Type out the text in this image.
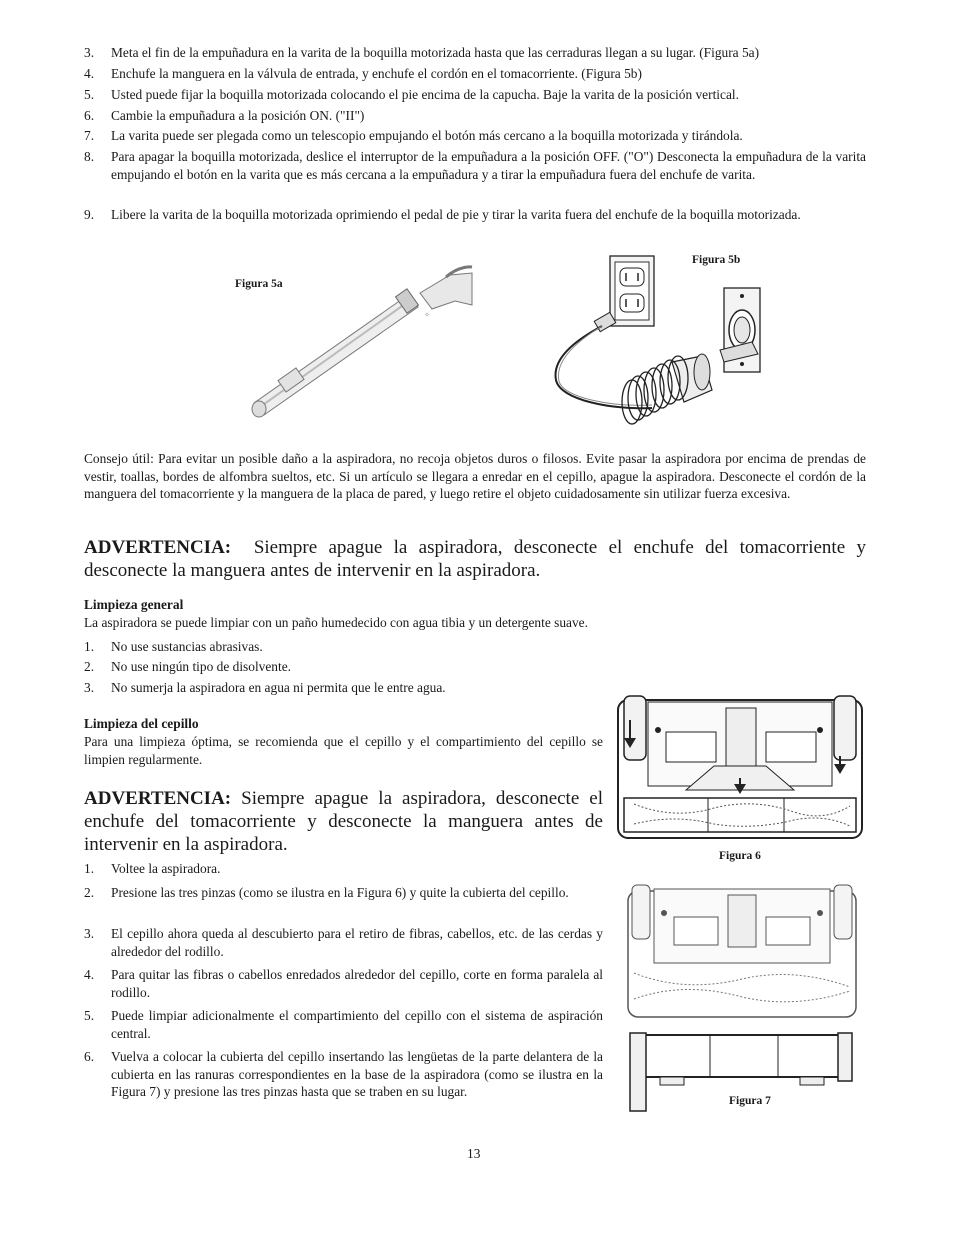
3.	Meta el fin de la empuñadura en la varita de la boquilla motorizada hasta que las cerraduras llegan a su lugar. (Figura 5a)
4.	Enchufe la manguera en la válvula de entrada, y enchufe el cordón en el tomacorriente. (Figura 5b)
5.	Usted puede fijar la boquilla motorizada colocando el pie encima de la capucha. Baje la varita de la posición vertical.
6.	Cambie la empuñadura a la posición ON. ("II")
7.	La varita puede ser plegada como un telescopio empujando el botón más cercano a la boquilla motorizada y tirándola.
8.	Para apagar la boquilla motorizada, deslice el interruptor de la empuñadura a la posición OFF. ("O") Desconecta la empuñadura de la varita empujando el botón en la varita que es más cercana a la empuñadura y a tirar la empuñadura fuera del enchufe de varita.
9.	Libere la varita de la boquilla motorizada oprimiendo el pedal de pie y tirar la varita fuera del enchufe de la boquilla motorizada.
Figura 5a
✧
Figura 5b
Consejo útil: Para evitar un posible daño a la aspiradora, no recoja objetos duros o filosos. Evite pasar la aspiradora por encima de prendas de vestir, toallas, bordes de alfombra sueltos, etc. Si un artículo se llegara a enredar en el cepillo, apague la aspiradora. Desconecte el cordón de la manguera del tomacorriente y la manguera de la placa de pared, y luego retire el objeto cuidadosamente sin utilizar fuerza excesiva.
ADVERTENCIA: Siempre apague la aspiradora, desconecte el enchufe del tomacorriente y desconecte la manguera antes de intervenir en la aspiradora.
Limpieza general
La aspiradora se puede limpiar con un paño humedecido con agua tibia y un detergente suave.
1.	No use sustancias abrasivas.
2.	No use ningún tipo de disolvente.
3.	No sumerja la aspiradora en agua ni permita que le entre agua.
Limpieza del cepillo
Para una limpieza óptima, se recomienda que el cepillo y el compartimiento del cepillo se limpien regularmente.
ADVERTENCIA: Siempre apague la aspiradora, desconecte el enchufe del tomacorriente y desconecte la manguera antes de intervenir en la aspiradora.
1.	Voltee la aspiradora.
2.	Presione las tres pinzas (como se ilustra en la Figura 6) y quite la cubierta del cepillo.
3.	El cepillo ahora queda al descubierto para el retiro de fibras, cabellos, etc. de las cerdas y alrededor del rodillo.
4.	Para quitar las fibras o cabellos enredados alrededor del cepillo, corte en forma paralela al rodillo.
5.	Puede limpiar adicionalmente el compartimiento del cepillo con el sistema de aspiración central.
6.	Vuelva a colocar la cubierta del cepillo insertando las lengüetas de la parte delantera de la cubierta en las ranuras correspondientes en la base de la aspiradora (como se ilustra en la Figura 7) y presione las tres pinzas hasta que se traben en su lugar.
Figura 6
Figura 7
13
